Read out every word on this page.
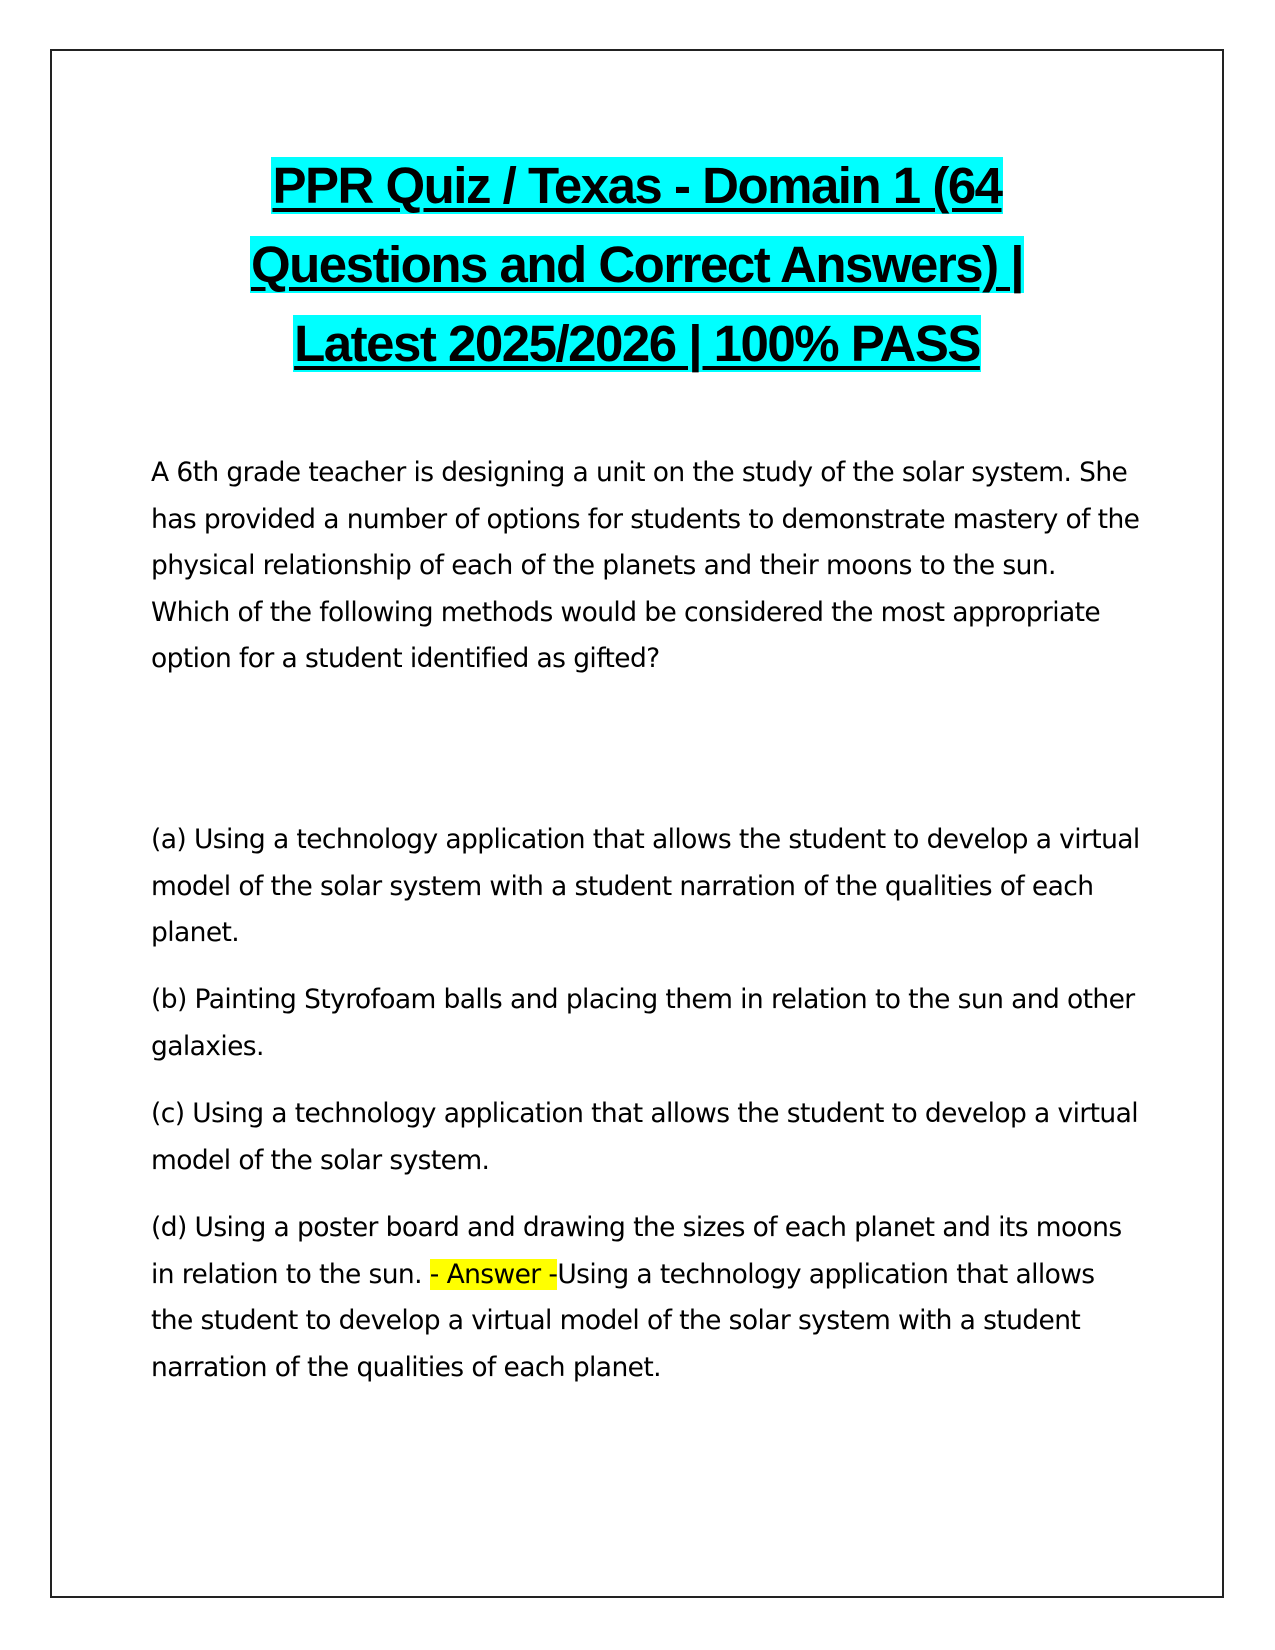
PPR Quiz / Texas - Domain 1 (64
Questions and Correct Answers) |
Latest 2025/2026 | 100% PASS

A 6th grade teacher is designing a unit on the study of the solar system. She has provided a number of options for students to demonstrate mastery of the physical relationship of each of the planets and their moons to the sun. Which of the following methods would be considered the most appropriate option for a student identified as gifted?

(a) Using a technology application that allows the student to develop a virtual model of the solar system with a student narration of the qualities of each planet.

(b) Painting Styrofoam balls and placing them in relation to the sun and other galaxies.

(c) Using a technology application that allows the student to develop a virtual model of the solar system.

(d) Using a poster board and drawing the sizes of each planet and its moons in relation to the sun. - Answer -Using a technology application that allows the student to develop a virtual model of the solar system with a student narration of the qualities of each planet.
